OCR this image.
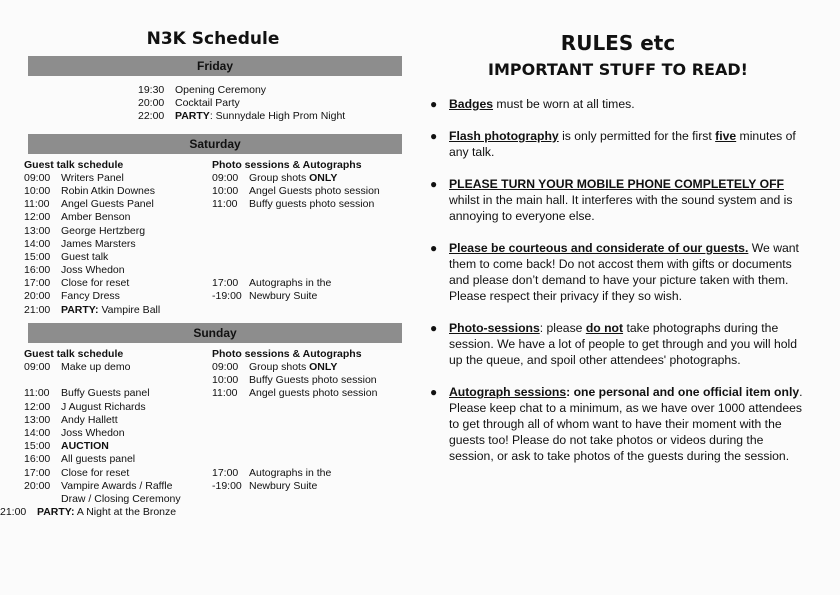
N3K Schedule
Friday
19:30 Opening Ceremony
20:00 Cocktail Party
22:00 PARTY: Sunnydale High Prom Night
Saturday
Guest talk schedule
09:00 Writers Panel
10:00 Robin Atkin Downes
11:00 Angel Guests Panel
12:00 Amber Benson
13:00 George Hertzberg
14:00 James Marsters
15:00 Guest talk
16:00 Joss Whedon
17:00 Close for reset
20:00 Fancy Dress
21:00 PARTY: Vampire Ball
Photo sessions & Autographs
09:00 Group shots ONLY
10:00 Angel Guests photo session
11:00 Buffy guests photo session
17:00 Autographs in the
-19:00 Newbury Suite
Sunday
Guest talk schedule
09:00 Make up demo
11:00 Buffy Guests panel
12:00 J August Richards
13:00 Andy Hallett
14:00 Joss Whedon
15:00 AUCTION
16:00 All guests panel
17:00 Close for reset
20:00 Vampire Awards / Raffle
Draw / Closing Ceremony
21:00 PARTY: A Night at the Bronze
Photo sessions & Autographs
09:00 Group shots ONLY
10:00 Buffy Guests photo session
11:00 Angel guests photo session
17:00 Autographs in the
-19:00 Newbury Suite
RULES etc
IMPORTANT STUFF TO READ!
● Badges must be worn at all times.
● Flash photography is only permitted for the first five minutes of any talk.
● PLEASE TURN YOUR MOBILE PHONE COMPLETELY OFF whilst in the main hall. It interferes with the sound system and is annoying to everyone else.
● Please be courteous and considerate of our guests. We want them to come back! Do not accost them with gifts or documents and please don’t demand to have your picture taken with them. Please respect their privacy if they so wish.
● Photo-sessions: please do not take photographs during the session. We have a lot of people to get through and you will hold up the queue, and spoil other attendees' photographs.
● Autograph sessions: one personal and one official item only. Please keep chat to a minimum, as we have over 1000 attendees to get through all of whom want to have their moment with the guests too! Please do not take photos or videos during the session, or ask to take photos of the guests during the session.
